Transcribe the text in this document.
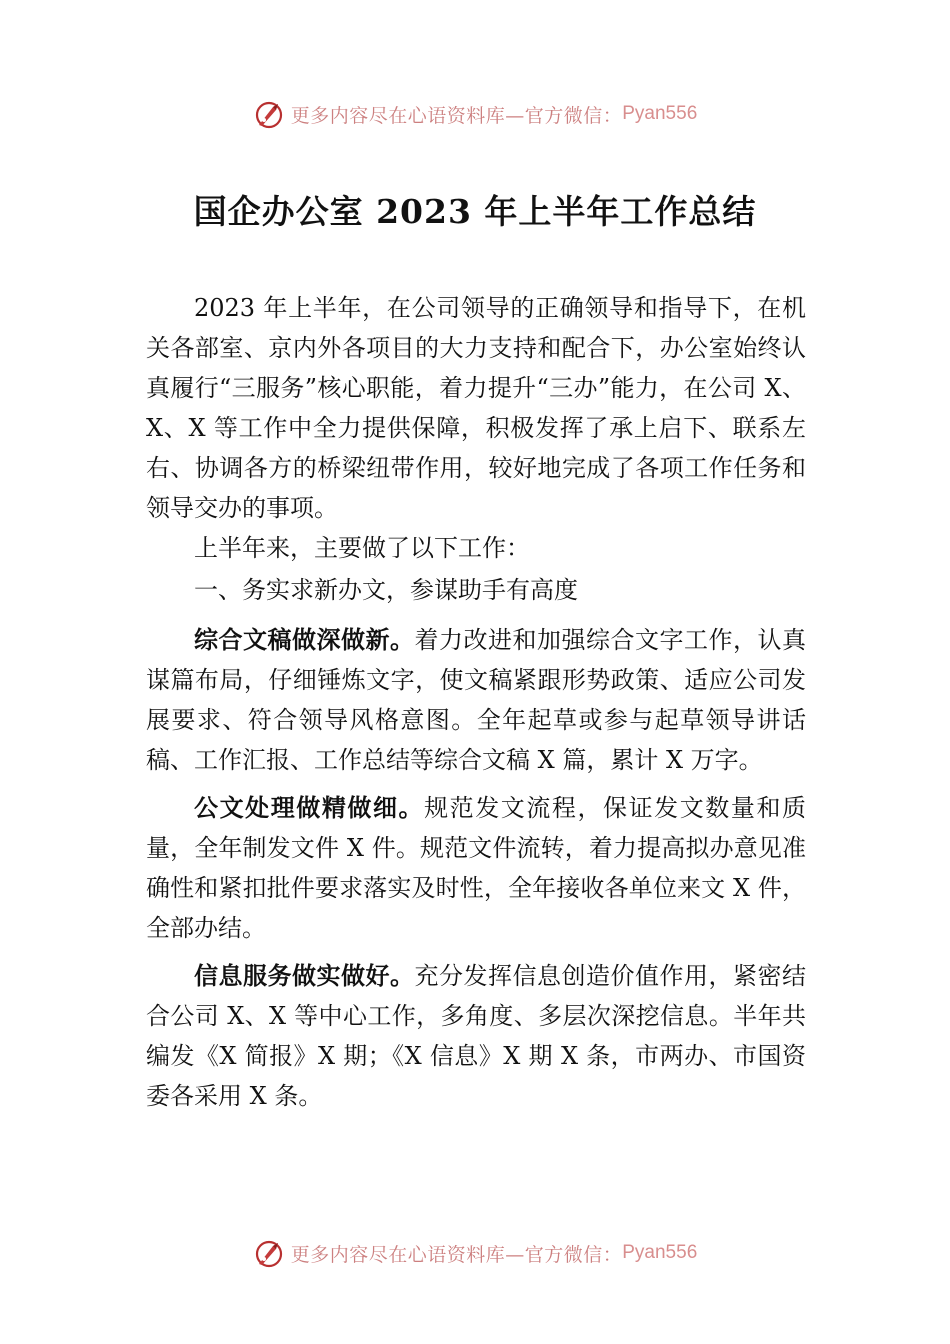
更多内容尽在心语资料库—官方微信： Pyan556
国企办公室 2023 年上半年工作总结

2023 年上半年，在公司领导的正确领导和指导下，在机关各部室、京内外各项目的大力支持和配合下，办公室始终认真履行“三服务”核心职能，着力提升“三办”能力，在公司 X、X、X 等工作中全力提供保障，积极发挥了承上启下、联系左右、协调各方的桥梁纽带作用，较好地完成了各项工作任务和领导交办的事项。

上半年来，主要做了以下工作：

一、务实求新办文，参谋助手有高度

综合文稿做深做新。着力改进和加强综合文字工作，认真谋篇布局，仔细锤炼文字，使文稿紧跟形势政策、适应公司发展要求、符合领导风格意图。全年起草或参与起草领导讲话稿、工作汇报、工作总结等综合文稿 X 篇，累计 X 万字。

公文处理做精做细。规范发文流程，保证发文数量和质量，全年制发文件 X 件。规范文件流转，着力提高拟办意见准确性和紧扣批件要求落实及时性，全年接收各单位来文 X 件，全部办结。

信息服务做实做好。充分发挥信息创造价值作用，紧密结合公司 X、X 等中心工作，多角度、多层次深挖信息。半年共编发《X 简报》X 期；《X 信息》X 期 X 条，市两办、市国资委各采用 X 条。

更多内容尽在心语资料库—官方微信： Pyan556
